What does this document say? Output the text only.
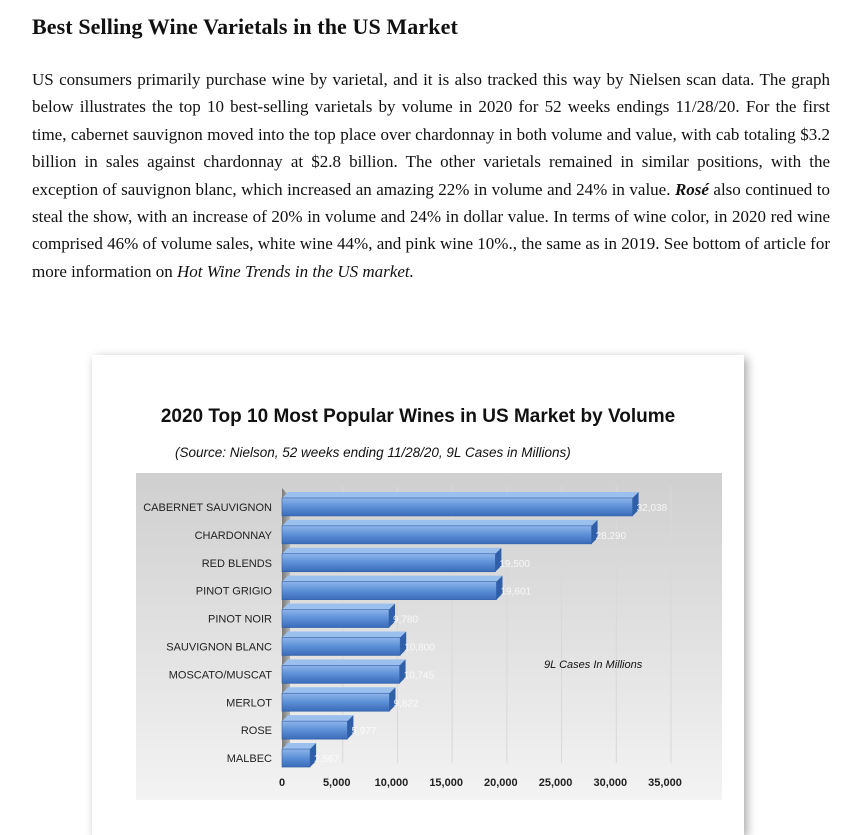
Best Selling Wine Varietals in the US Market

US consumers primarily purchase wine by varietal, and it is also tracked this way by Nielsen scan data. The graph below illustrates the top 10 best-selling varietals by volume in 2020 for 52 weeks endings 11/28/20. For the first time, cabernet sauvignon moved into the top place over chardonnay in both volume and value, with cab totaling $3.2 billion in sales against chardonnay at $2.8 billion. The other varietals remained in similar positions, with the exception of sauvignon blanc, which increased an amazing 22% in volume and 24% in value. Rosé also continued to steal the show, with an increase of 20% in volume and 24% in dollar value. In terms of wine color, in 2020 red wine comprised 46% of volume sales, white wine 44%, and pink wine 10%., the same as in 2019. See bottom of article for more information on Hot Wine Trends in the US market.

2020 Top 10 Most Popular Wines in US Market by Volume
(Source: Nielson, 52 weeks ending 11/28/20, 9L Cases in Millions)
CABERNET SAUVIGNON
CHARDONNAY
RED BLENDS
PINOT GRIGIO
PINOT NOIR
SAUVIGNON BLANC
MOSCATO/MUSCAT
MERLOT
ROSE
MALBEC
0	5,000 10,000 15,000 20,000 25,000 30,000 35,000
32,038
28,290
19,500
19,601
9,780
10,800
10,745
9,822
5,977
2,567
9L Cases In Millions
